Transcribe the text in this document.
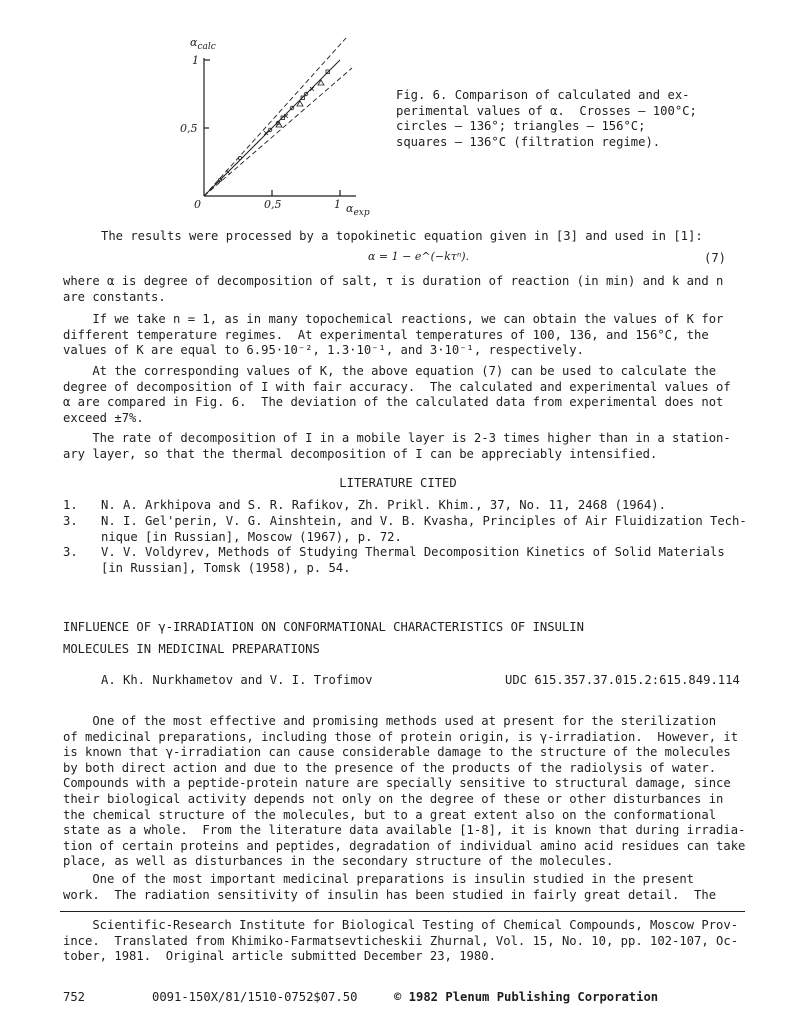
$\alpha_{calc}$
1
0,5
0	0,5	1 $\alpha_{exp}$
Fig. 6. Comparison of calculated and ex-
perimental values of α.  Crosses — 100°C;
circles — 136°; triangles — 156°C;
squares — 136°C (filtration regime).
The results were processed by a topokinetic equation given in [3] and used in [1]:
α = 1 − e^(−kτⁿ).	(7)
where α is degree of decomposition of salt, τ is duration of reaction (in min) and k and n
are constants.
If we take n = 1, as in many topochemical reactions, we can obtain the values of K for
different temperature regimes.  At experimental temperatures of 100, 136, and 156°C, the
values of K are equal to 6.95·10⁻², 1.3·10⁻¹, and 3·10⁻¹, respectively.
At the corresponding values of K, the above equation (7) can be used to calculate the
degree of decomposition of I with fair accuracy.  The calculated and experimental values of
α are compared in Fig. 6.  The deviation of the calculated data from experimental does not
exceed ±7%.
The rate of decomposition of I in a mobile layer is 2-3 times higher than in a station-
ary layer, so that the thermal decomposition of I can be appreciably intensified.
LITERATURE CITED
1. N. A. Arkhipova and S. R. Rafikov, Zh. Prikl. Khim., 37, No. 11, 2468 (1964).
3. N. I. Gel'perin, V. G. Ainshtein, and V. B. Kvasha, Principles of Air Fluidization Tech-
nique [in Russian], Moscow (1967), p. 72.
3. V. V. Voldyrev, Methods of Studying Thermal Decomposition Kinetics of Solid Materials
[in Russian], Tomsk (1958), p. 54.
INFLUENCE OF γ-IRRADIATION ON CONFORMATIONAL CHARACTERISTICS OF INSULIN
MOLECULES IN MEDICINAL PREPARATIONS
A. Kh. Nurkhametov and V. I. Trofimov	UDC 615.357.37.015.2:615.849.114
One of the most effective and promising methods used at present for the sterilization
of medicinal preparations, including those of protein origin, is γ-irradiation.  However, it
is known that γ-irradiation can cause considerable damage to the structure of the molecules
by both direct action and due to the presence of the products of the radiolysis of water.
Compounds with a peptide-protein nature are specially sensitive to structural damage, since
their biological activity depends not only on the degree of these or other disturbances in
the chemical structure of the molecules, but to a great extent also on the conformational
state as a whole.  From the literature data available [1-8], it is known that during irradia-
tion of certain proteins and peptides, degradation of individual amino acid residues can take
place, as well as disturbances in the secondary structure of the molecules.
One of the most important medicinal preparations is insulin studied in the present
work.  The radiation sensitivity of insulin has been studied in fairly great detail.  The
Scientific-Research Institute for Biological Testing of Chemical Compounds, Moscow Prov-
ince.  Translated from Khimiko-Farmatsevticheskii Zhurnal, Vol. 15, No. 10, pp. 102-107, Oc-
tober, 1981.  Original article submitted December 23, 1980.
752	0091-150X/81/1510-0752$07.50	© 1982 Plenum Publishing Corporation
